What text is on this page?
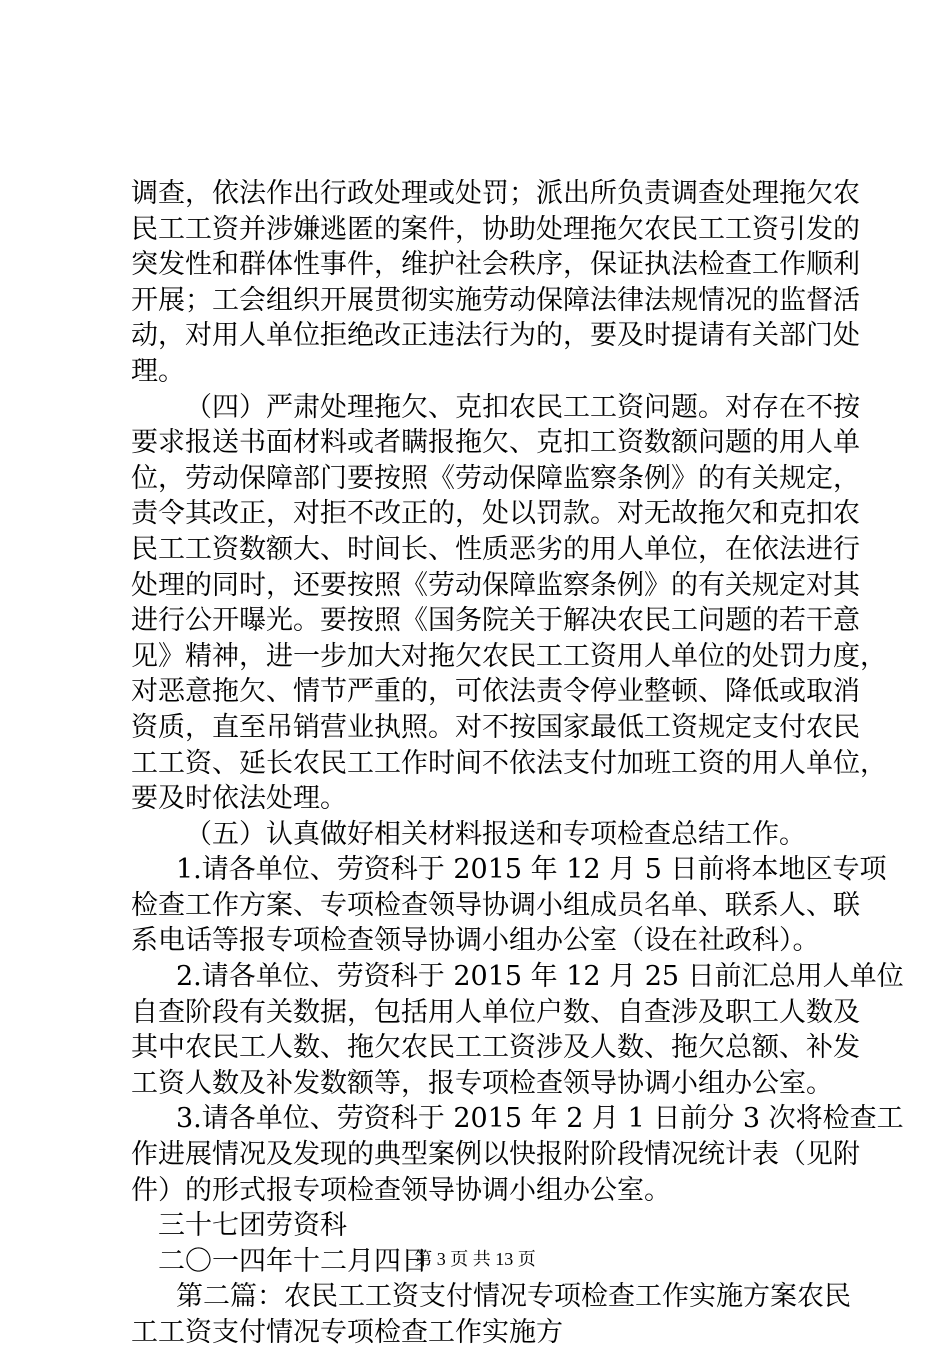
调查，依法作出行政处理或处罚；派出所负责调查处理拖欠农
民工工资并涉嫌逃匿的案件，协助处理拖欠农民工工资引发的
突发性和群体性事件，维护社会秩序，保证执法检查工作顺利
开展；工会组织开展贯彻实施劳动保障法律法规情况的监督活
动，对用人单位拒绝改正违法行为的，要及时提请有关部门处
理。
（四）严肃处理拖欠、克扣农民工工资问题。对存在不按
要求报送书面材料或者瞒报拖欠、克扣工资数额问题的用人单
位，劳动保障部门要按照《劳动保障监察条例》的有关规定，
责令其改正，对拒不改正的，处以罚款。对无故拖欠和克扣农
民工工资数额大、时间长、性质恶劣的用人单位，在依法进行
处理的同时，还要按照《劳动保障监察条例》的有关规定对其
进行公开曝光。要按照《国务院关于解决农民工问题的若干意
见》精神，进一步加大对拖欠农民工工资用人单位的处罚力度，
对恶意拖欠、情节严重的，可依法责令停业整顿、降低或取消
资质，直至吊销营业执照。对不按国家最低工资规定支付农民
工工资、延长农民工工作时间不依法支付加班工资的用人单位，
要及时依法处理。
（五）认真做好相关材料报送和专项检查总结工作。
1.请各单位、劳资科于 2015 年 12 月 5 日前将本地区专项
检查工作方案、专项检查领导协调小组成员名单、联系人、联
系电话等报专项检查领导协调小组办公室（设在社政科）。
2.请各单位、劳资科于 2015 年 12 月 25 日前汇总用人单位
自查阶段有关数据，包括用人单位户数、自查涉及职工人数及
其中农民工人数、拖欠农民工工资涉及人数、拖欠总额、补发
工资人数及补发数额等，报专项检查领导协调小组办公室。
3.请各单位、劳资科于 2015 年 2 月 1 日前分 3 次将检查工
作进展情况及发现的典型案例以快报附阶段情况统计表（见附
件）的形式报专项检查领导协调小组办公室。
三十七团劳资科
二〇一四年十二月四日
第二篇：农民工工资支付情况专项检查工作实施方案农民
工工资支付情况专项检查工作实施方
第 3 页 共 13 页
